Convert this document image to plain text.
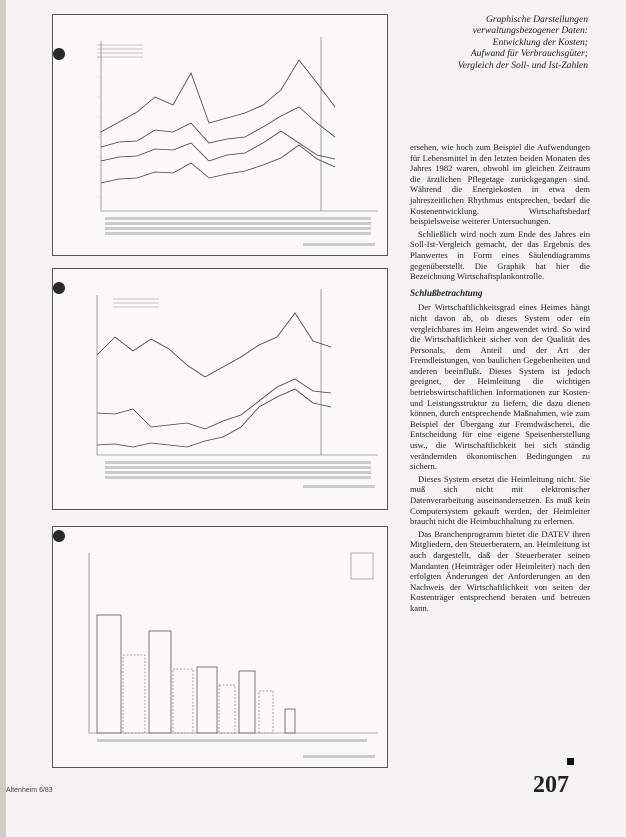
Graphische Darstellungen
verwaltungsbezogener Daten:
Entwicklung der Kosten;
Aufwand für Verbrauchsgüter;
Vergleich der Soll- und Ist-Zahlen

ersehen, wie hoch zum Beispiel die Aufwendungen für Lebensmittel in den letzten beiden Monaten des Jahres 1982 waren, obwohl im gleichen Zeitraum die ärztlichen Pflegetage zurückgegangen sind. Während die Energiekosten in etwa dem jahreszeitlichen Rhythmus entsprechen, bedarf die Kostenentwicklung. Wirtschaftsbedarf beispielsweise weiterer Untersuchungen.

Schließlich wird noch zum Ende des Jahres ein Soll-Ist-Vergleich gemacht, der das Ergebnis des Planwertes in Form eines Säulendiagramms gegenüberstellt. Die Graphik hat hier die Bezeichnung Wirtschaftsplankontrolle.

Schlußbetrachtung

Der Wirtschaftlichkeitsgrad eines Heimes hängt nicht davon ab, ob dieses System oder ein vergleichbares im Heim angewendet wird. So wird die Wirtschaftlichkeit sicher von der Qualität des Personals, dem Anteil und der Art der Fremdleistungen, von baulichen Gegebenheiten und anderen beeinflußt. Dieses System ist jedoch geeignet, der Heimleitung die wichtigen betriebswirtschaftlichen Informationen zur Kosten- und Leistungsstruktur zu liefern, die dazu dienen können, durch entsprechende Maßnahmen, wie zum Beispiel der Übergang zur Fremdwäscherei, die Entscheidung für eine eigene Speisenherstellung usw., die Wirtschaftlichkeit bei sich ständig verändernden ökonomischen Bedingungen zu sichern.

Dieses System ersetzt die Heimleitung nicht. Sie muß sich nicht mit elektronischer Datenverarbeitung auseinandersetzen. Es muß kein Computersystem gekauft werden, der Heimleiter braucht nicht die Heimbuchhaltung zu erlernen.

Das Branchenprogramm bietet die DATEV ihren Mitgliedern, den Steuerberatern, an. Heimleitung ist auch dargestellt, daß der Steuerberater seinen Mandanten (Heimträger oder Heimleiter) nach den erfolgten Änderungen der Anforderungen an den Nachweis der Wirtschaftlichkeit von seiten der Kostenträger entsprechend beraten und betreuen kann.

Altenheim 6/83	207
